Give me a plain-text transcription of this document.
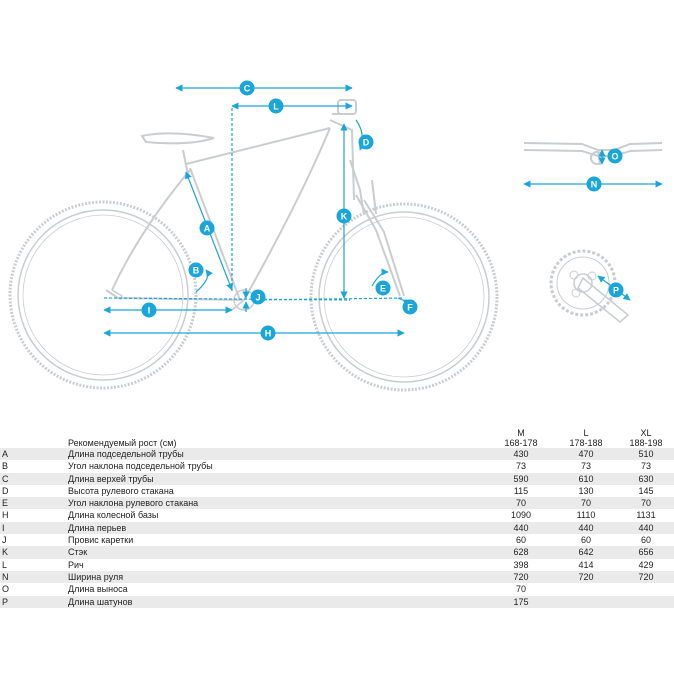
C
L
D
A
K
B
J
E
F
I
H
O
N
P
		M	L	XL
	Рекомендуемый рост (см)	168-178	178-188	188-198
A	Длина подседельной трубы	430	470	510
B	Угол наклона подседельной трубы	73	73	73
C	Длина верхей трубы	590	610	630
D	Высота рулевого стакана	115	130	145
E	Угол наклона рулевого стакана	70	70	70
H	Длина колесной базы	1090	1110	1131
I	Длина перьев	440	440	440
J	Провис каретки	60	60	60
K	Стэк	628	642	656
L	Рич	398	414	429
N	Ширина руля	720	720	720
O	Длина выноса	70		
P	Длина шатунов	175		
